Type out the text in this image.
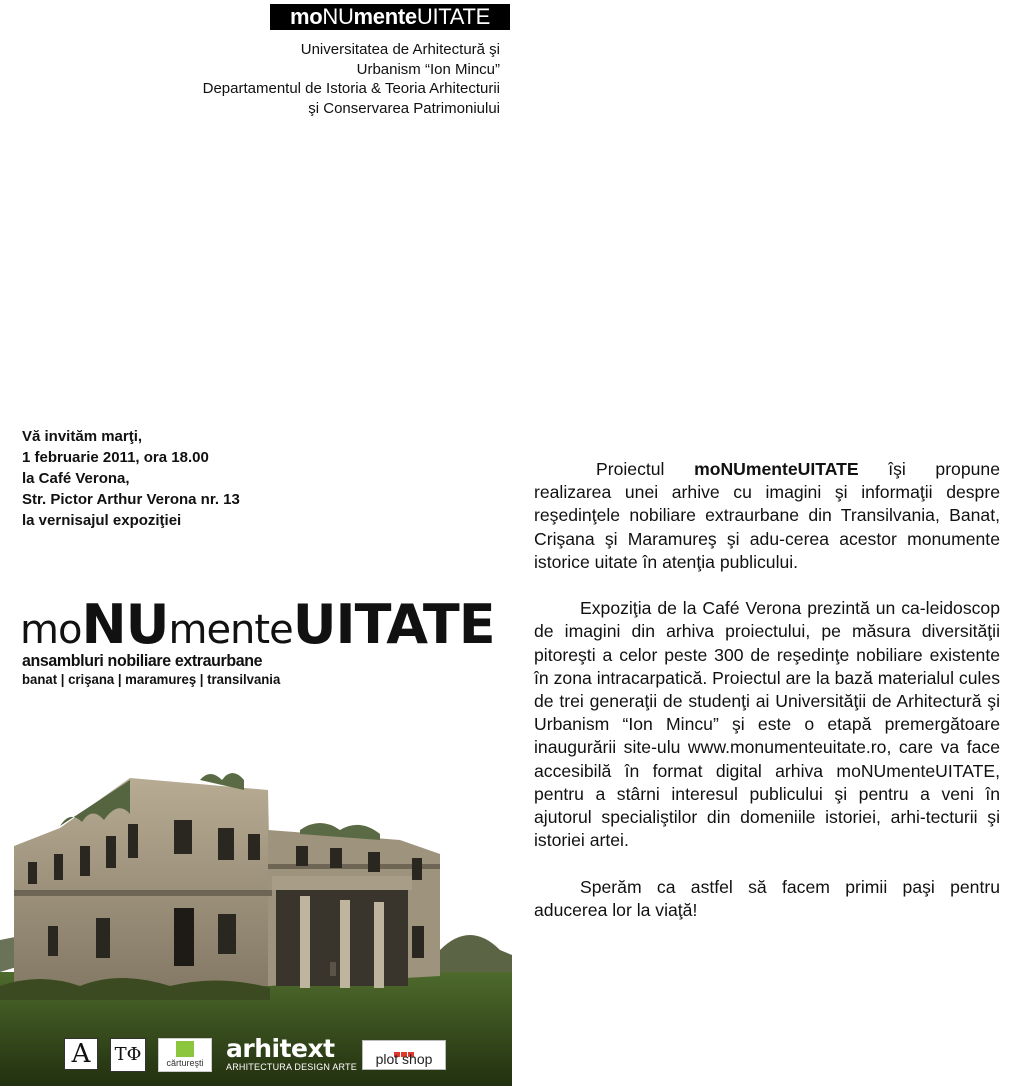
moNUmenteUITATE
Universitatea de Arhitectură şi
Urbanism “Ion Mincu”
Departamentul de Istoria & Teoria Arhitecturii
şi Conservarea Patrimoniului
Vă invităm marţi,
1 februarie 2011, ora 18.00
la Café Verona,
Str. Pictor Arthur Verona nr. 13
la vernisajul expoziţiei
moNUmenteUITATE
ansambluri nobiliare extraurbane
banat | crişana | maramureş | transilvania
A	TΦ	cărtureşti arhitext
ARHITECTURA DESIGN ARTE	plot shop

Proiectul moNUmenteUITATE îşi propune realizarea unei arhive cu imagini şi informaţii despre reşedinţele nobiliare extraurbane din Transilvania, Banat, Crişana şi Maramureş şi adu-cerea acestor monumente istorice uitate în atenţia publicului.

Expoziţia de la Café Verona prezintă un ca-leidoscop de imagini din arhiva proiectului, pe măsura diversităţii pitoreşti a celor peste 300 de reşedinţe nobiliare existente în zona intracarpatică. Proiectul are la bază materialul cules de trei generaţii de studenţi ai Universităţii de Arhitectură şi Urbanism “Ion Mincu” şi este o etapă premergătoare inaugurării site-ulu www.monumenteuitate.ro, care va face accesibilă în format digital arhiva moNUmenteUITATE, pentru a stârni interesul publicului şi pentru a veni în ajutorul specialiştilor din domeniile istoriei, arhi-tecturii şi istoriei artei.

Sperăm ca astfel să facem primii paşi pentru aducerea lor la viaţă!
